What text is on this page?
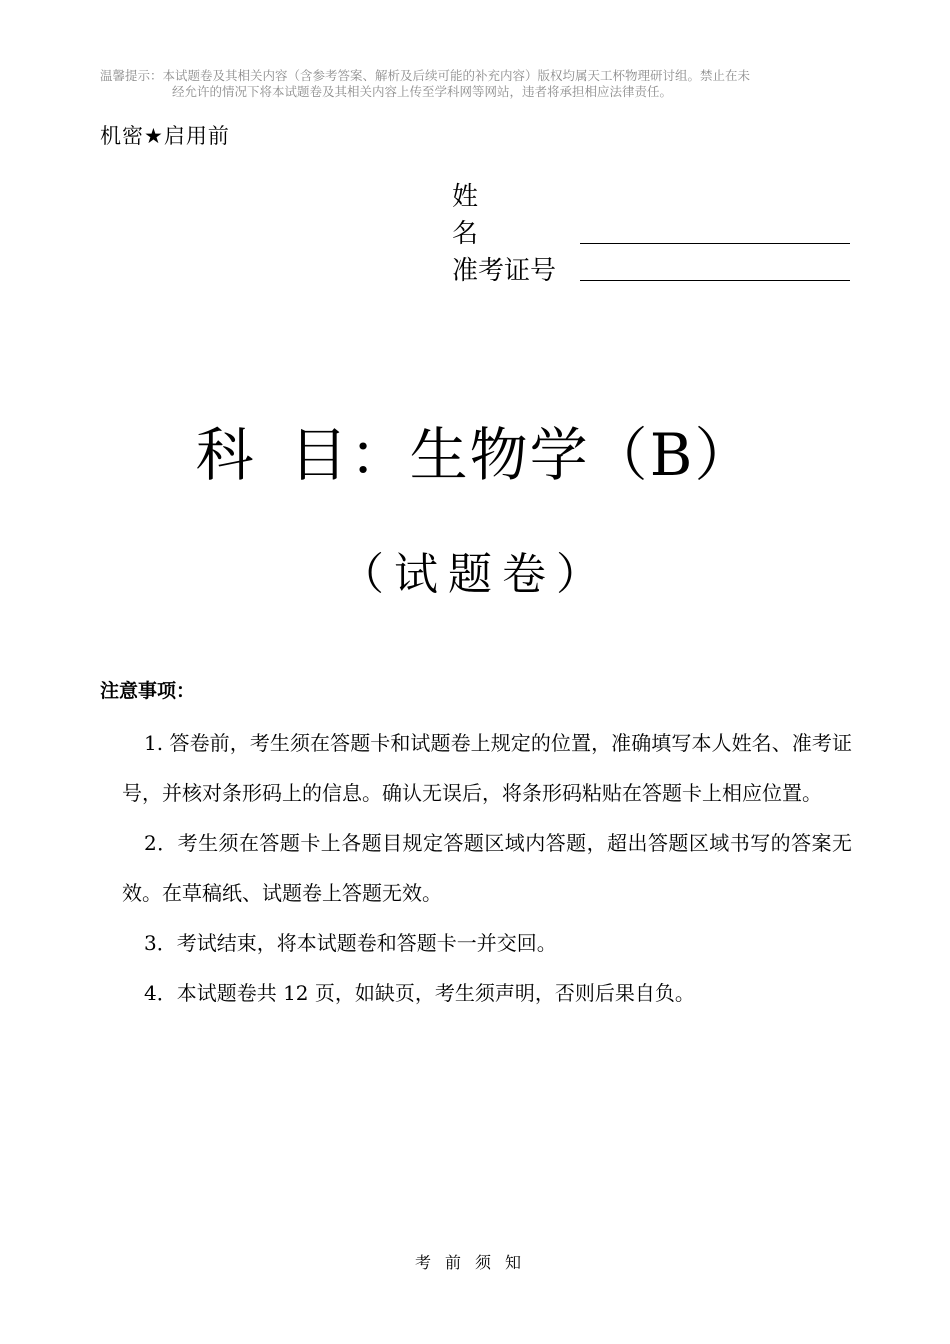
温馨提示：本试题卷及其相关内容（含参考答案、解析及后续可能的补充内容）版权均属天工杯物理研讨组。禁止在未
经允许的情况下将本试题卷及其相关内容上传至学科网等网站，违者将承担相应法律责任。
机密★启用前
姓名
准考证号
科 目：生物学（B）
（试题卷）
注意事项：

1. 答卷前，考生须在答题卡和试题卷上规定的位置，准确填写本人姓名、准考证号，并核对条形码上的信息。确认无误后，将条形码粘贴在答题卡上相应位置。

2．考生须在答题卡上各题目规定答题区域内答题，超出答题区域书写的答案无效。在草稿纸、试题卷上答题无效。

3．考试结束，将本试题卷和答题卡一并交回。

4．本试题卷共 12 页，如缺页，考生须声明，否则后果自负。

考前须知
